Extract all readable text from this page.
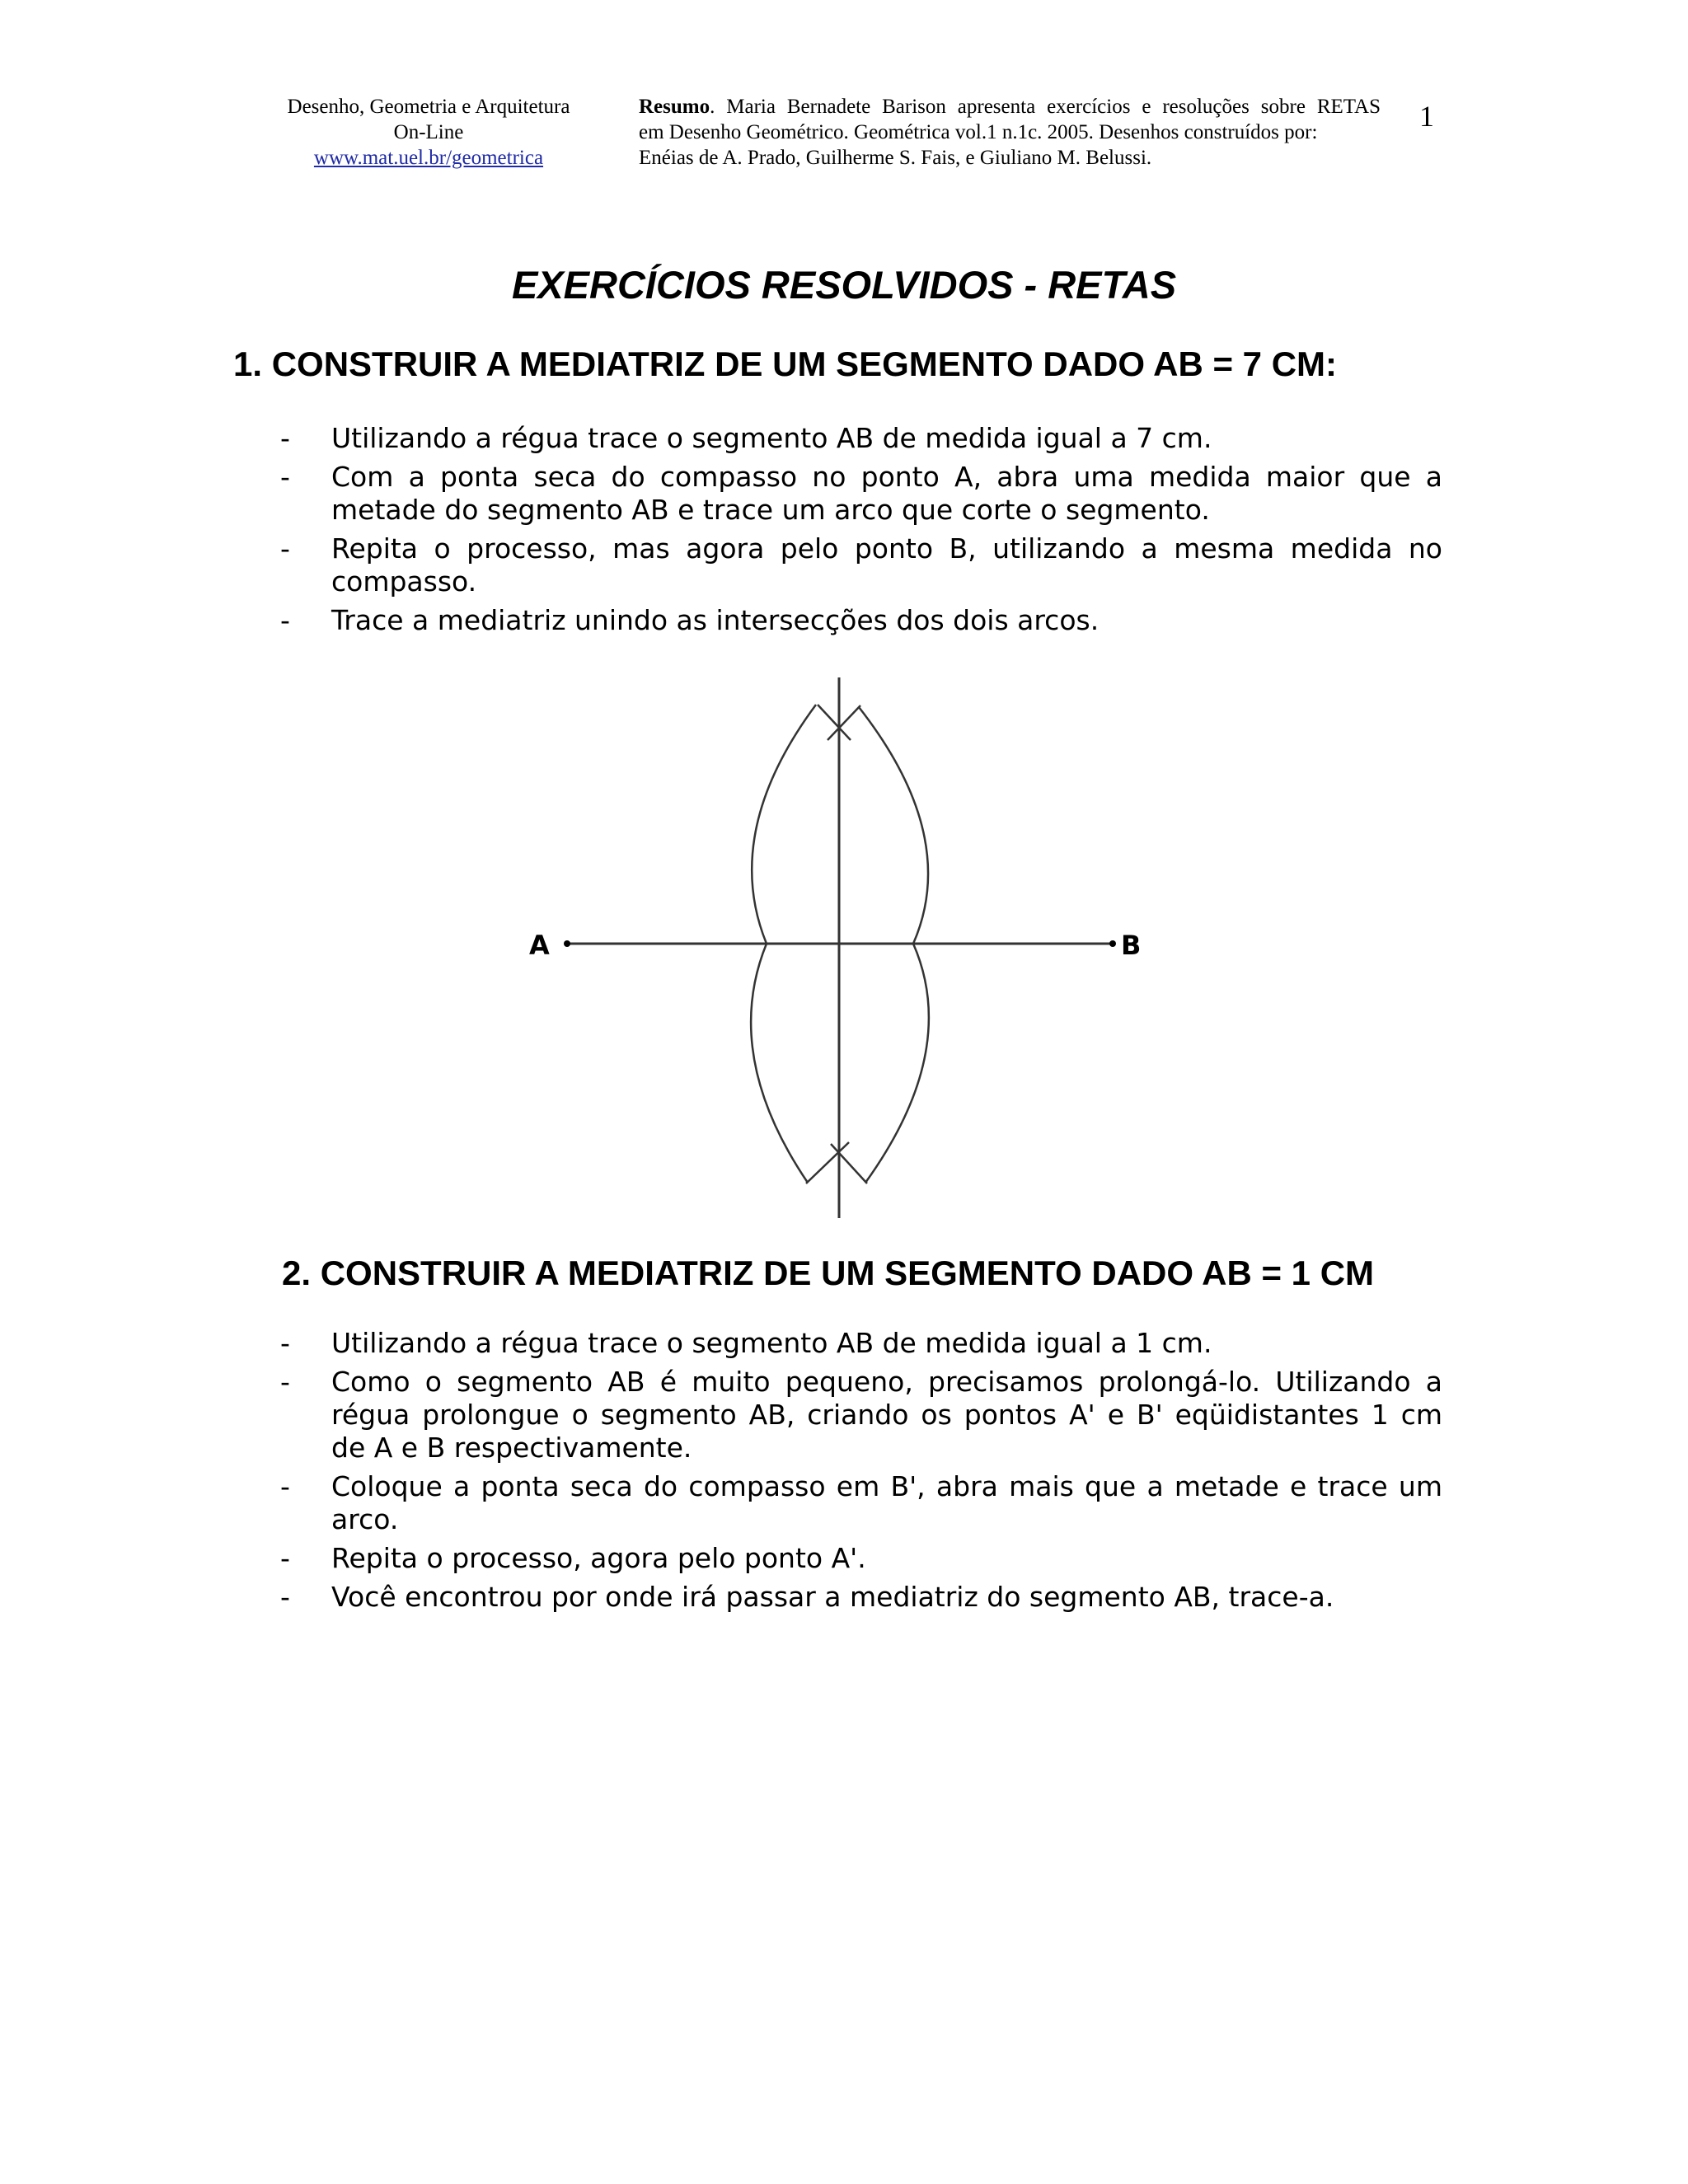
Desenho, Geometria e Arquitetura
On-Line
www.mat.uel.br/geometrica
Resumo. Maria Bernadete Barison apresenta exercícios e resoluções sobre RETAS
em Desenho Geométrico. Geométrica vol.1 n.1c. 2005. Desenhos construídos por:
Enéias de A. Prado, Guilherme S. Fais, e Giuliano M. Belussi.
1
EXERCÍCIOS RESOLVIDOS - RETAS
1. CONSTRUIR A MEDIATRIZ DE UM SEGMENTO DADO AB = 7 CM:
- Utilizando a régua trace o segmento AB de medida igual a 7 cm.
- Com a ponta seca do compasso no ponto A, abra uma medida maior que a
metade do segmento AB e trace um arco que corte o segmento.
- Repita o processo, mas agora pelo ponto B, utilizando a mesma medida no
compasso.
- Trace a mediatriz unindo as intersecções dos dois arcos.
A	B
2. CONSTRUIR A MEDIATRIZ DE UM SEGMENTO DADO AB = 1 CM
- Utilizando a régua trace o segmento AB de medida igual a 1 cm.
- Como o segmento AB é muito pequeno, precisamos prolongá-lo. Utilizando a
régua prolongue o segmento AB, criando os pontos A' e B' eqüidistantes 1 cm
de A e B respectivamente.
- Coloque a ponta seca do compasso em B', abra mais que a metade e trace um
arco.
- Repita o processo, agora pelo ponto A'.
- Você encontrou por onde irá passar a mediatriz do segmento AB, trace-a.
